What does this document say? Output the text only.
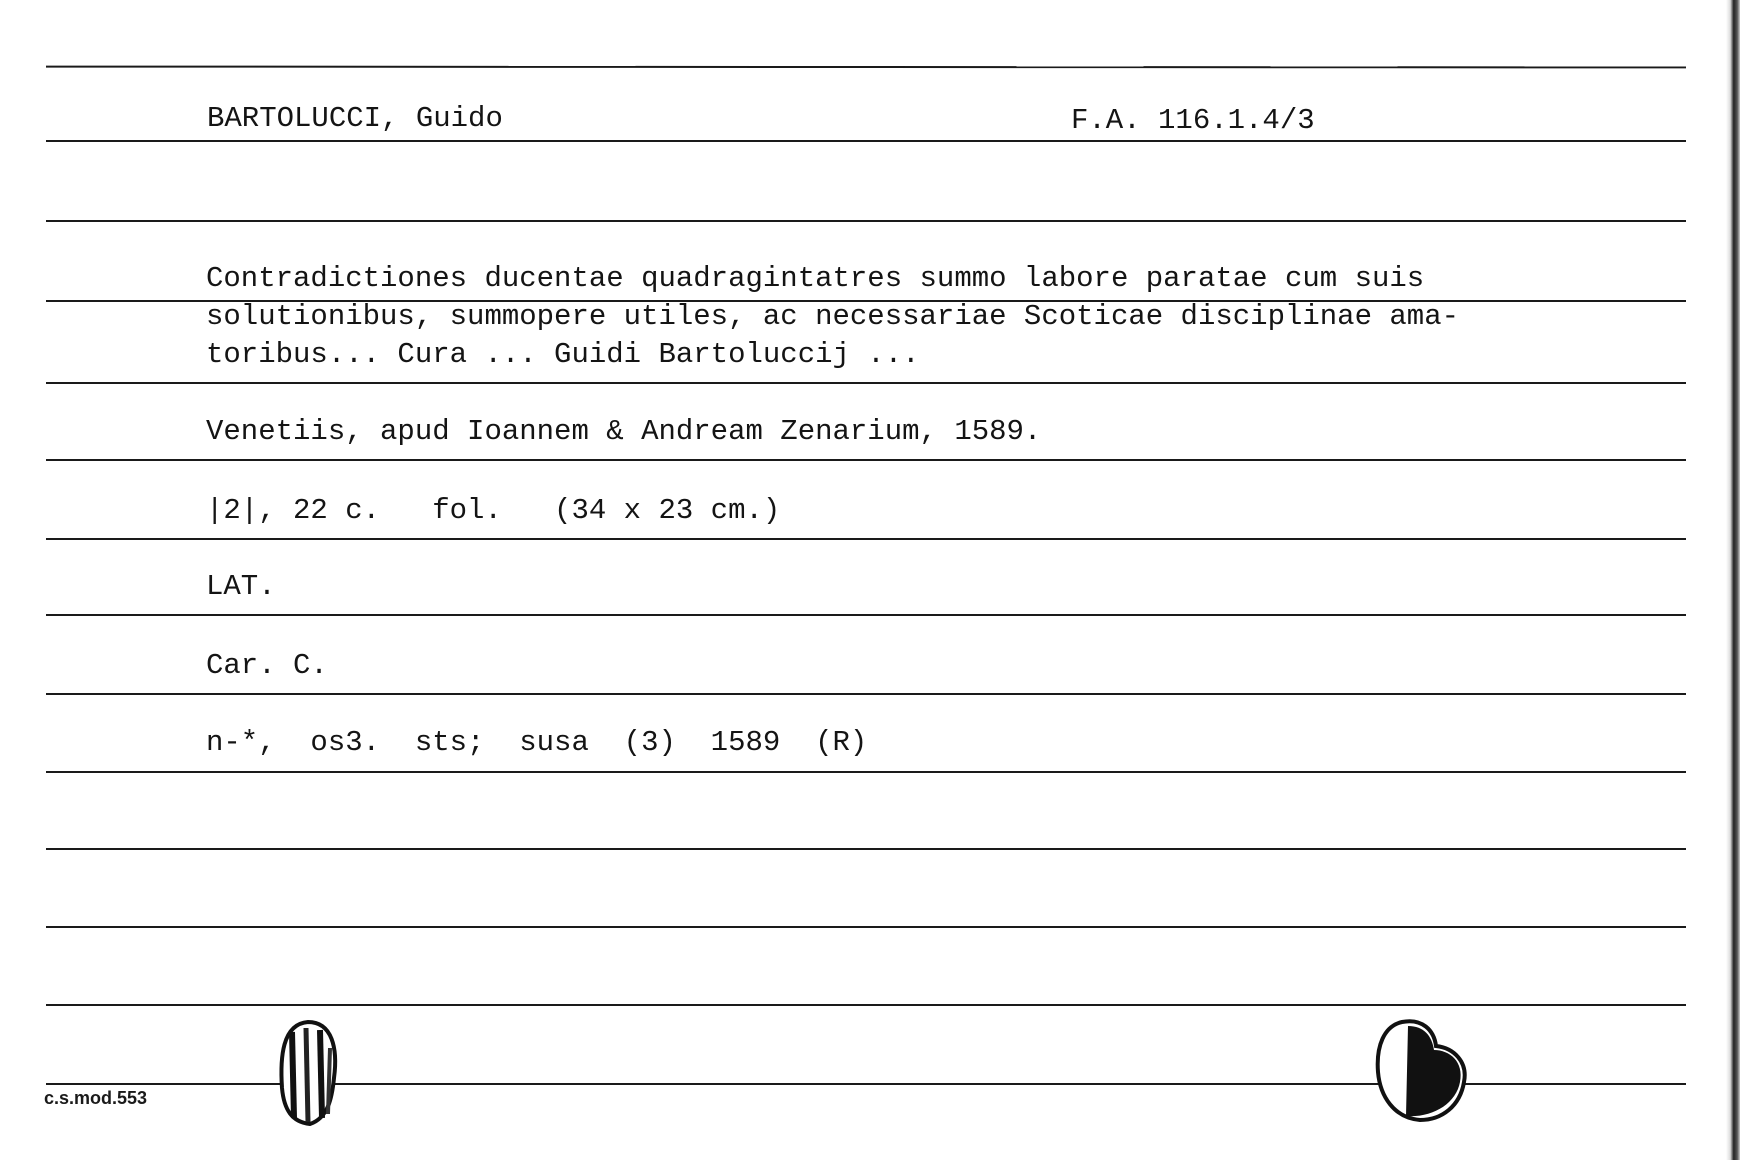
BARTOLUCCI, Guido	F.A. 116.1.4/3
Contradictiones ducentae quadragintatres summo labore paratae cum suis
solutionibus, summopere utiles, ac necessariae Scoticae disciplinae ama-
toribus... Cura ... Guidi Bartoluccij ...
Venetiis, apud Ioannem & Andream Zenarium, 1589.
|2|, 22 c.   fol.   (34 x 23 cm.)
LAT.
Car. C.
n-*,  os3.  sts;  susa  (3)  1589  (R)
c.s.mod.553
